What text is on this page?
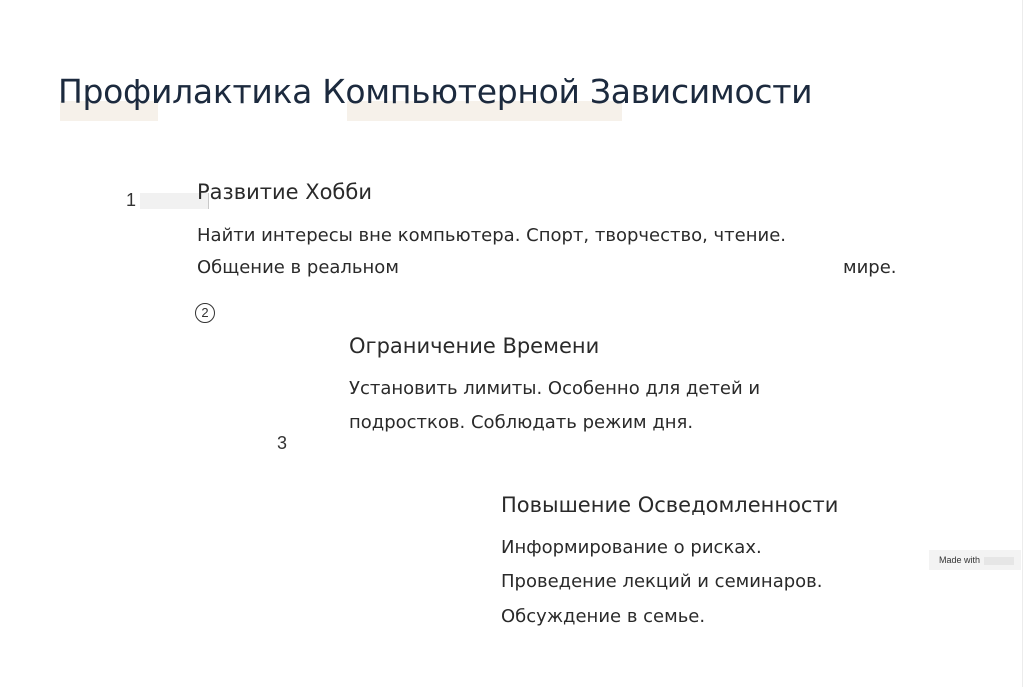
Профилактика Компьютерной Зависимости
1	Развитие Хобби
Найти интересы вне компьютера. Спорт, творчество, чтение.
Общение в реальном	мире.
2
Ограничение Времени
Установить лимиты. Особенно для детей и
подростков. Соблюдать режим дня.
3
Повышение Осведомленности
Информирование о рисках.
Проведение лекций и семинаров.
Обсуждение в семье.
Made with
